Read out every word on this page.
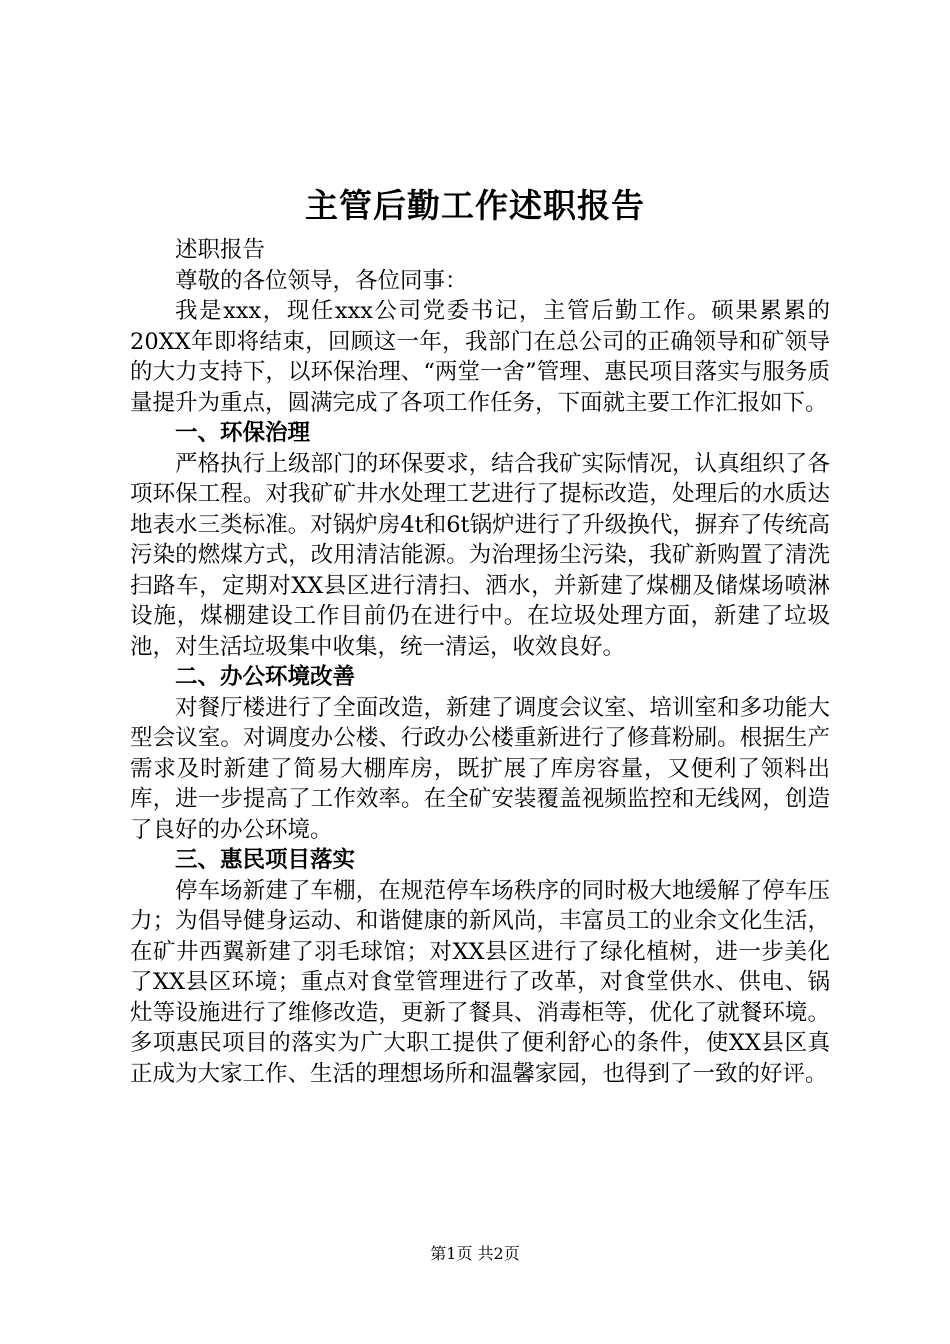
主管后勤工作述职报告

述职报告

尊敬的各位领导，各位同事：

我是xxx，现任xxx公司党委书记，主管后勤工作。硕果累累的20XX年即将结束，回顾这一年，我部门在总公司的正确领导和矿领导的大力支持下，以环保治理、“两堂一舍”管理、惠民项目落实与服务质量提升为重点，圆满完成了各项工作任务，下面就主要工作汇报如下。

一、环保治理

严格执行上级部门的环保要求，结合我矿实际情况，认真组织了各项环保工程。对我矿矿井水处理工艺进行了提标改造，处理后的水质达地表水三类标准。对锅炉房4t和6t锅炉进行了升级换代，摒弃了传统高污染的燃煤方式，改用清洁能源。为治理扬尘污染，我矿新购置了清洗扫路车，定期对XX县区进行清扫、洒水，并新建了煤棚及储煤场喷淋设施，煤棚建设工作目前仍在进行中。在垃圾处理方面，新建了垃圾池，对生活垃圾集中收集，统一清运，收效良好。

二、办公环境改善

对餐厅楼进行了全面改造，新建了调度会议室、培训室和多功能大型会议室。对调度办公楼、行政办公楼重新进行了修葺粉刷。根据生产需求及时新建了简易大棚库房，既扩展了库房容量，又便利了领料出库，进一步提高了工作效率。在全矿安装覆盖视频监控和无线网，创造了良好的办公环境。

三、惠民项目落实

停车场新建了车棚，在规范停车场秩序的同时极大地缓解了停车压力；为倡导健身运动、和谐健康的新风尚，丰富员工的业余文化生活，在矿井西翼新建了羽毛球馆；对XX县区进行了绿化植树，进一步美化了XX县区环境；重点对食堂管理进行了改革，对食堂供水、供电、锅灶等设施进行了维修改造，更新了餐具、消毒柜等，优化了就餐环境。多项惠民项目的落实为广大职工提供了便利舒心的条件，使XX县区真正成为大家工作、生活的理想场所和温馨家园，也得到了一致的好评。

第1页 共2页
